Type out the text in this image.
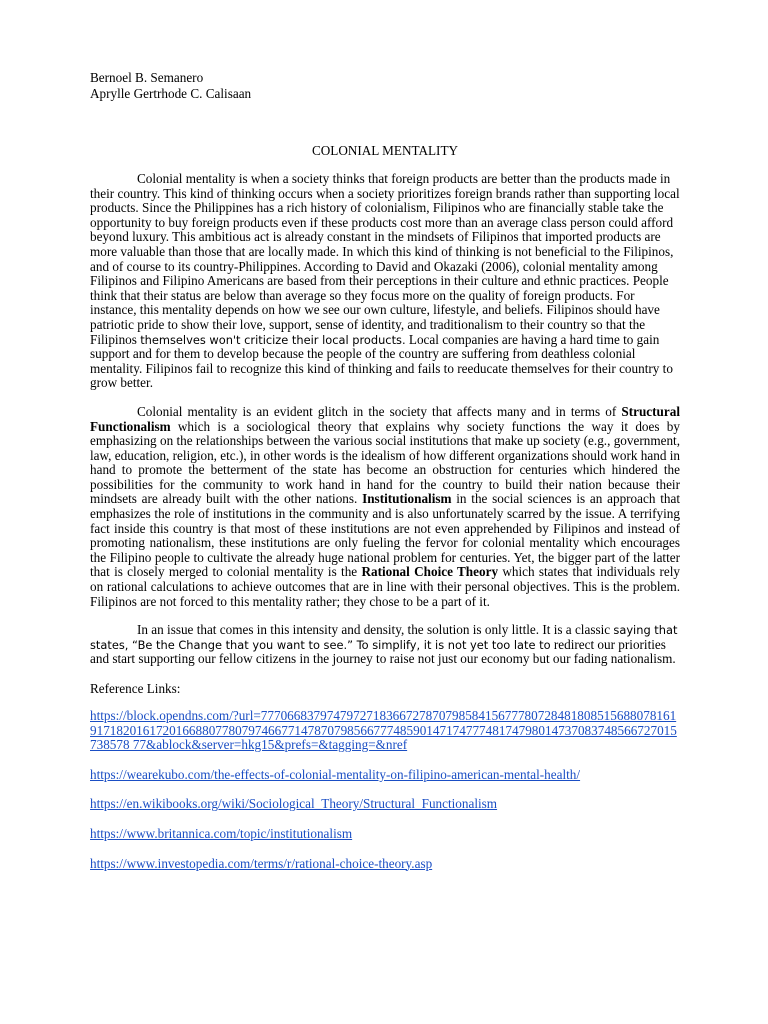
Bernoel B. Semanero

Aprylle Gertrhode C. Calisaan

COLONIAL MENTALITY

Colonial mentality is when a society thinks that foreign products are better than the products made in their country. This kind of thinking occurs when a society prioritizes foreign brands rather than supporting local products. Since the Philippines has a rich history of colonialism, Filipinos who are financially stable take the opportunity to buy foreign products even if these products cost more than an average class person could afford beyond luxury. This ambitious act is already constant in the mindsets of Filipinos that imported products are more valuable than those that are locally made. In which this kind of thinking is not beneficial to the Filipinos, and of course to its country-Philippines. According to David and Okazaki (2006), colonial mentality among Filipinos and Filipino Americans are based from their perceptions in their culture and ethnic practices. People think that their status are below than average so they focus more on the quality of foreign products. For instance, this mentality depends on how we see our own culture, lifestyle, and beliefs. Filipinos should have patriotic pride to show their love, support, sense of identity, and traditionalism to their country so that the Filipinos themselves won't criticize their local products. Local companies are having a hard time to gain support and for them to develop because the people of the country are suffering from deathless colonial mentality. Filipinos fail to recognize this kind of thinking and fails to reeducate themselves for their country to grow better.

Colonial mentality is an evident glitch in the society that affects many and in terms of Structural Functionalism which is a sociological theory that explains why society functions the way it does by emphasizing on the relationships between the various social institutions that make up society (e.g., government, law, education, religion, etc.), in other words is the idealism of how different organizations should work hand in hand to promote the betterment of the state has become an obstruction for centuries which hindered the possibilities for the community to work hand in hand for the country to build their nation because their mindsets are already built with the other nations. Institutionalism in the social sciences is an approach that emphasizes the role of institutions in the community and is also unfortunately scarred by the issue. A terrifying fact inside this country is that most of these institutions are not even apprehended by Filipinos and instead of promoting nationalism, these institutions are only fueling the fervor for colonial mentality which encourages the Filipino people to cultivate the already huge national problem for centuries. Yet, the bigger part of the latter that is closely merged to colonial mentality is the Rational Choice Theory which states that individuals rely on rational calculations to achieve outcomes that are in line with their personal objectives. This is the problem. Filipinos are not forced to this mentality rather; they chose to be a part of it.

In an issue that comes in this intensity and density, the solution is only little. It is a classic saying that states, “Be the Change that you want to see.” To simplify, it is not yet too late to redirect our priorities and start supporting our fellow citizens in the journey to raise not just our economy but our fading nationalism.

Reference Links:

https://block.opendns.com/?url=77706683797479727183667278707985841567778072848180851568807816191718201617201668807780797466771478707985667774859014717477748174798014737083748566727015738578 77&ablock&server=hkg15&prefs=&tagging=&nref
https://wearekubo.com/the-effects-of-colonial-mentality-on-filipino-american-mental-health/
https://en.wikibooks.org/wiki/Sociological_Theory/Structural_Functionalism
https://www.britannica.com/topic/institutionalism
https://www.investopedia.com/terms/r/rational-choice-theory.asp
